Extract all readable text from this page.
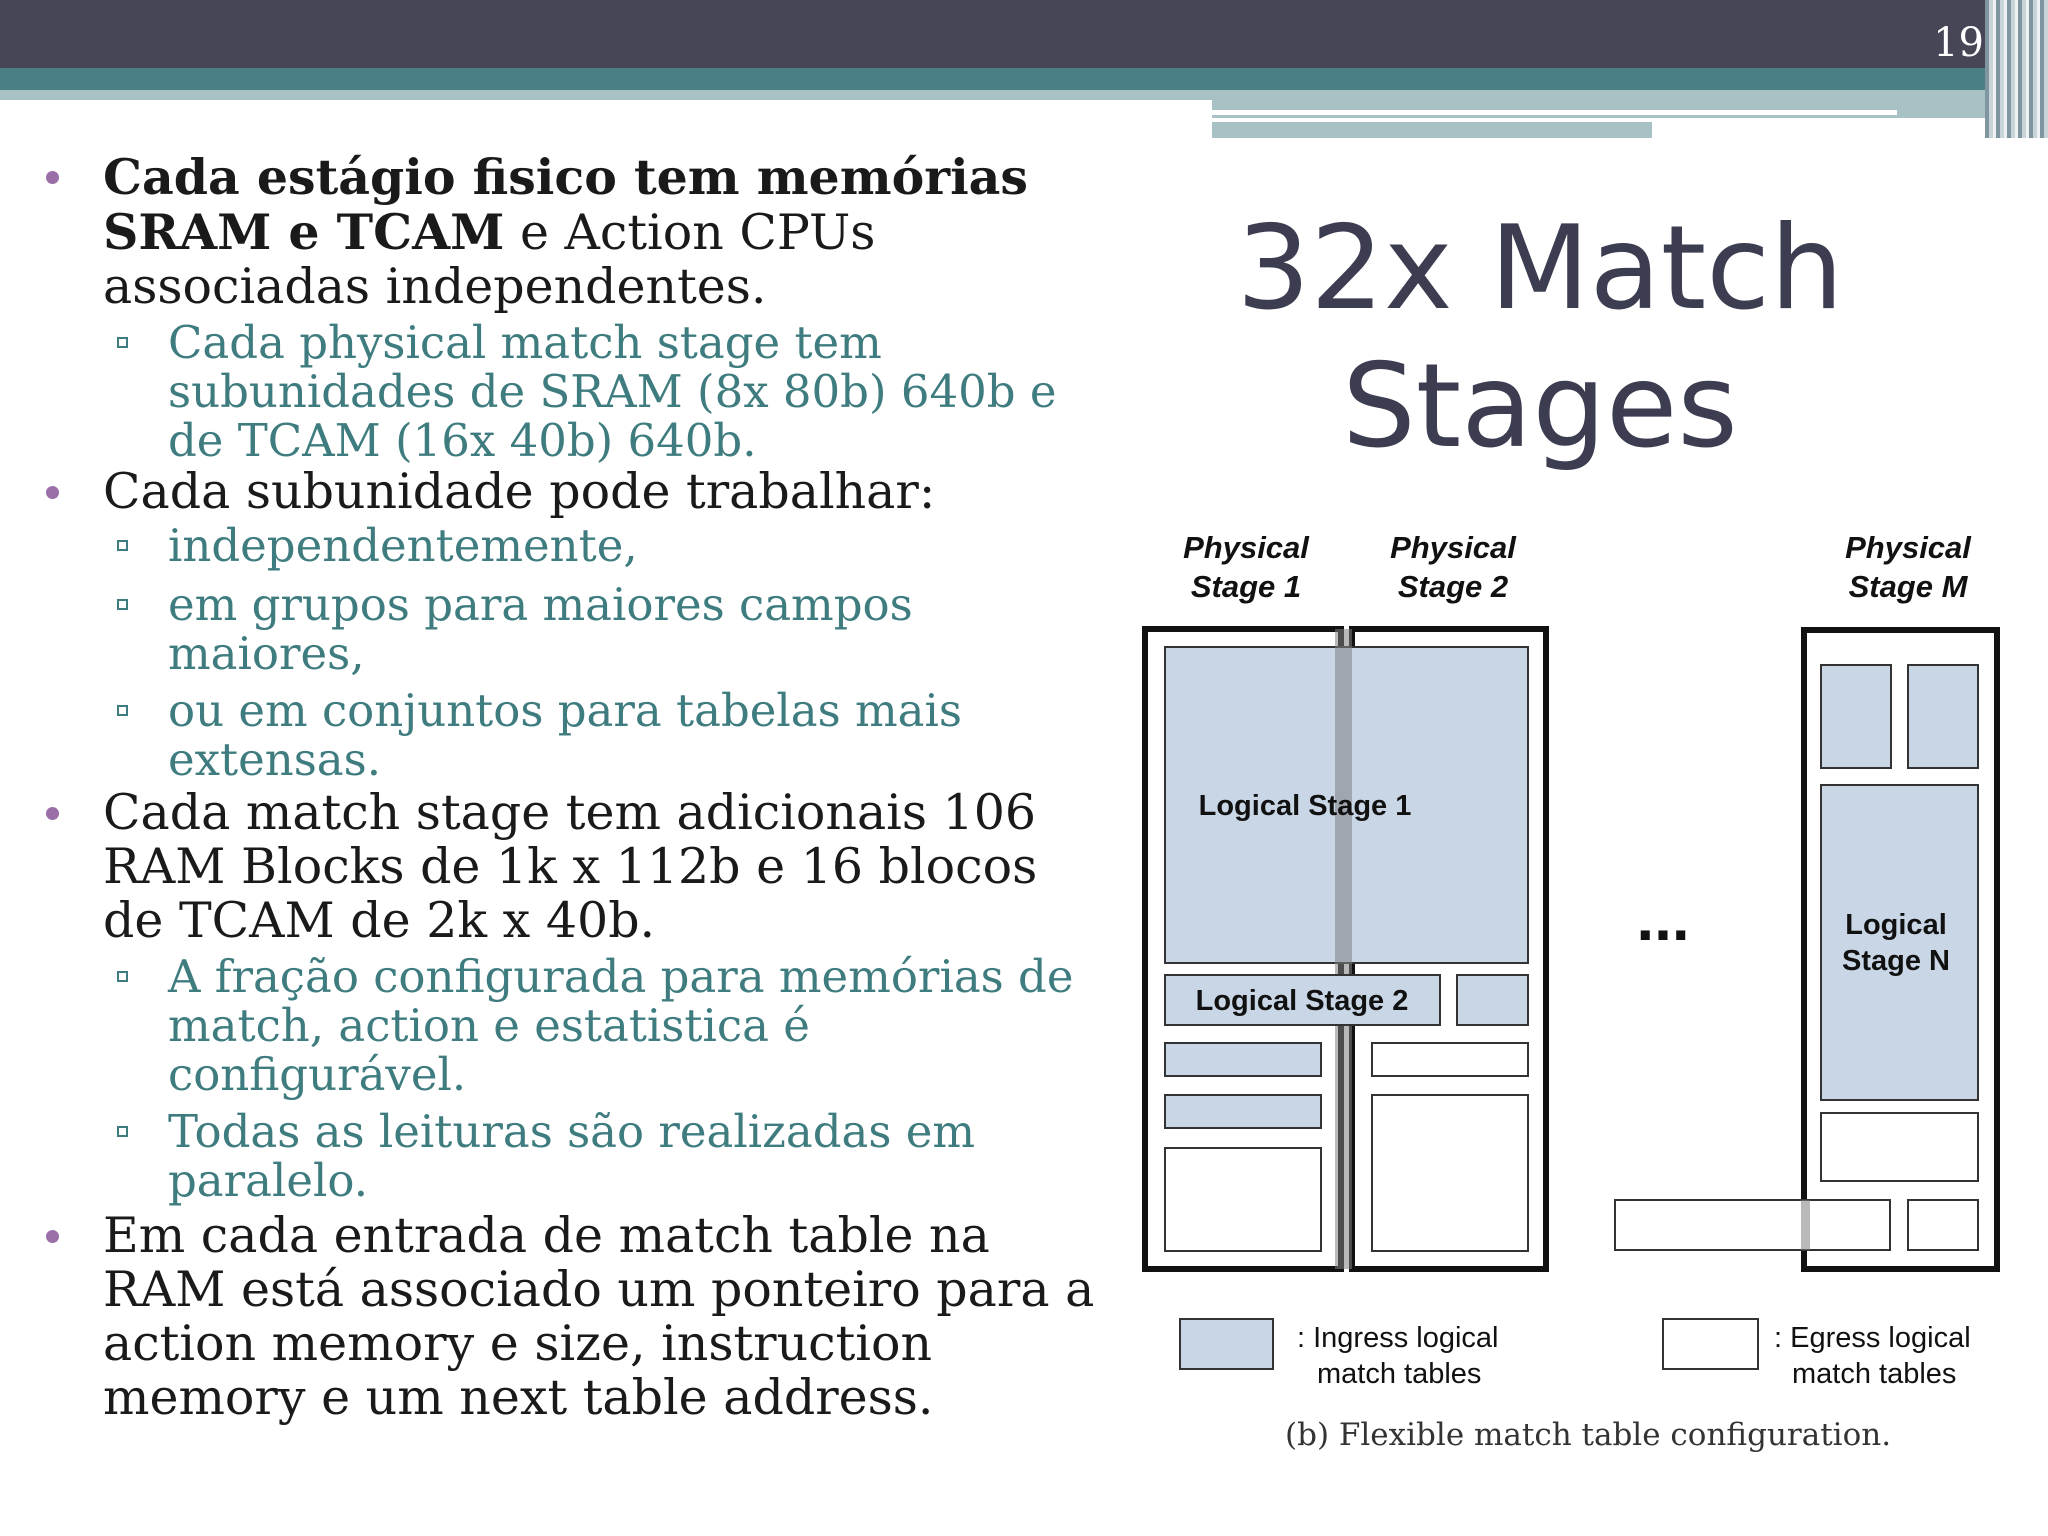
19
Cada estágio fisico tem memórias SRAM e TCAM e Action CPUs associadas independentes.
Cada physical match stage tem subunidades de SRAM (8x 80b) 640b e de TCAM (16x 40b) 640b.
Cada subunidade pode trabalhar:
independentemente,
em grupos para maiores campos maiores,
ou em conjuntos para tabelas mais extensas.
Cada match stage tem adicionais 106 RAM Blocks de 1k x 112b e 16 blocos de TCAM de 2k x 40b.
A fração configurada para memórias de match, action e estatistica é configurável.
Todas as leituras são realizadas em paralelo.
Em cada entrada de match table na RAM está associado um ponteiro para a action memory e size, instruction memory e um next table address.
32x Match
Stages
Physical
Stage 1
Physical
Stage 2
Physical
Stage M
Logical Stage 1
Logical Stage 2
...	Logical
Stage N
: Ingress logical
match tables
: Egress logical
match tables
(b) Flexible match table configuration.
